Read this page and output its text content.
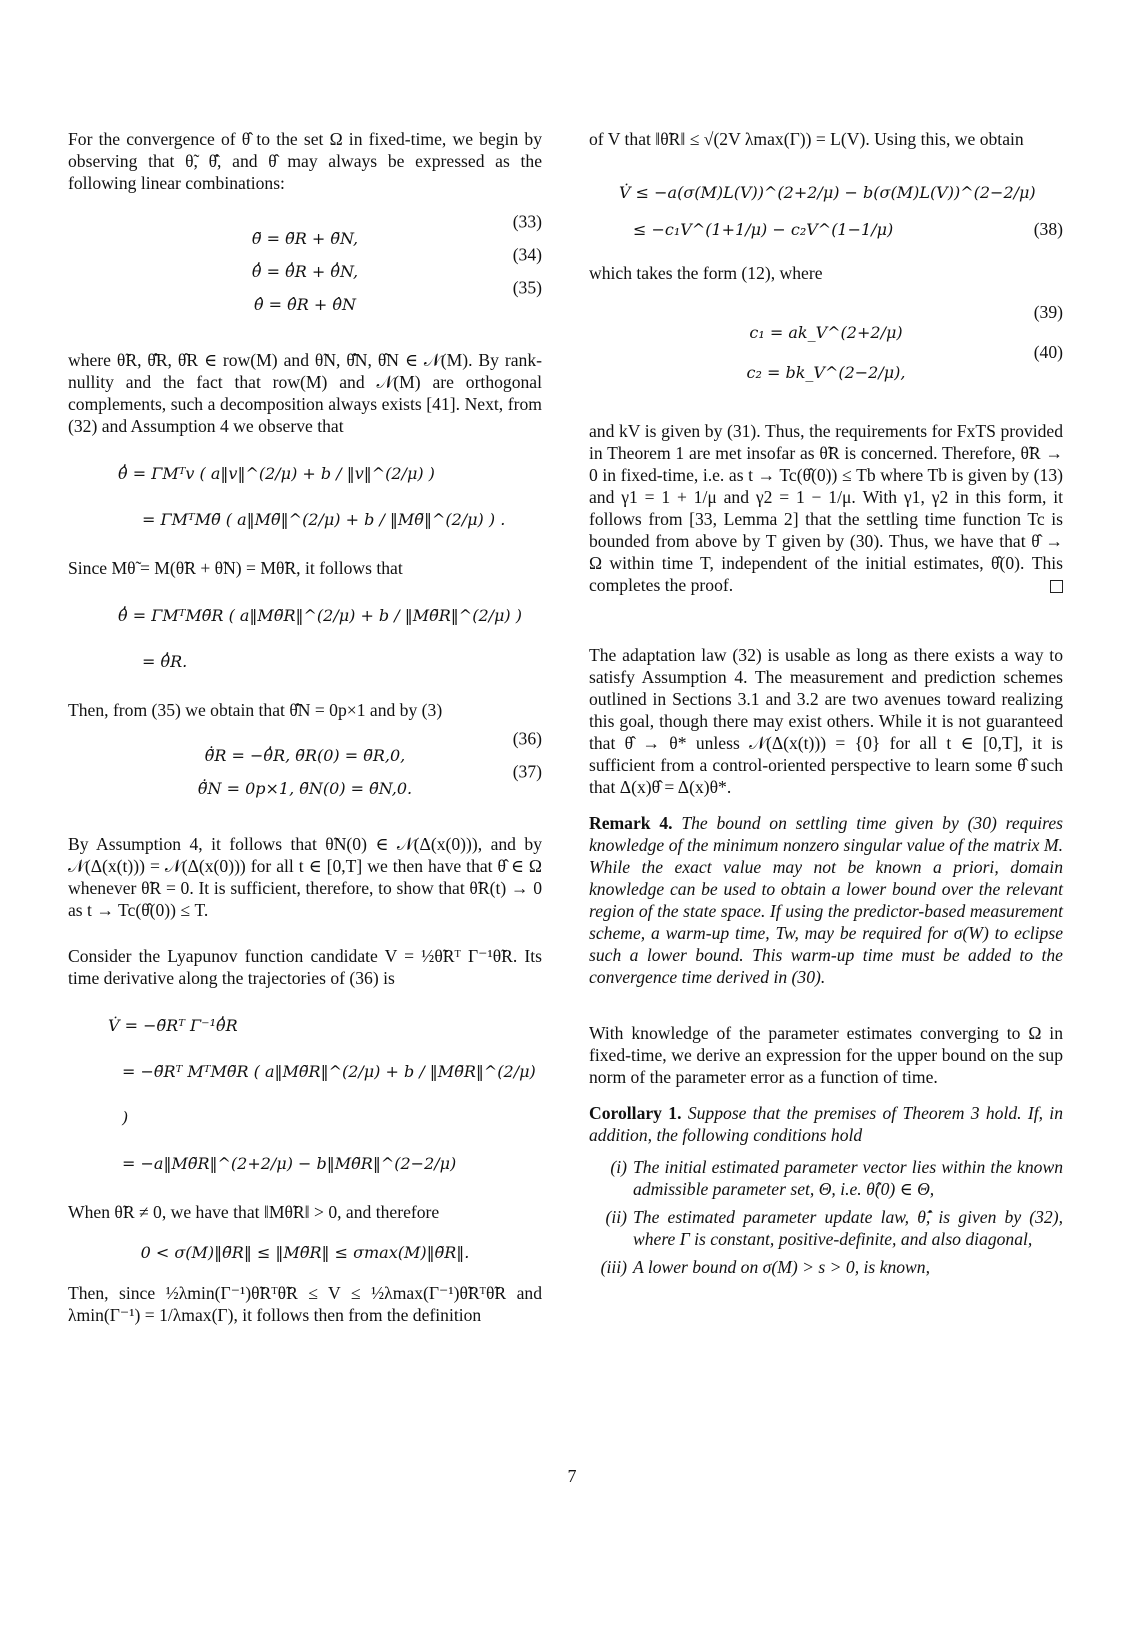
For the convergence of θ̂ to the set Ω in fixed-time, we begin by observing that θ̃, θ̂̇, and θ̂ may always be expressed as the following linear combinations:

θ̃ = θ̃R + θ̃N,
(33)
θ̂̇ = θ̂̇R + θ̂̇N,
(34)
θ̂ = θ̂R + θ̂N
(35)

where θ̃R, θ̂̇R, θ̂R ∈ row(M) and θ̃N, θ̂̇N, θ̂N ∈ 𝒩(M). By rank-nullity and the fact that row(M) and 𝒩(M) are orthogonal complements, such a decomposition always exists [41]. Next, from (32) and Assumption 4 we observe that

θ̂̇ = ΓMᵀv ( a‖v‖^(2/μ) + b / ‖v‖^(2/μ) )
= ΓMᵀMθ̃ ( a‖Mθ̃‖^(2/μ) + b / ‖Mθ̃‖^(2/μ) ) .

Since Mθ̃ = M(θ̃R + θ̃N) = Mθ̃R, it follows that

θ̂̇ = ΓMᵀMθ̃R ( a‖Mθ̃R‖^(2/μ) + b / ‖Mθ̃R‖^(2/μ) )
= θ̂̇R.

Then, from (35) we obtain that θ̂̇N = 0p×1 and by (3)

θ̃̇R = −θ̂̇R, θ̃R(0) = θ̃R,0,
(36)
θ̃̇N = 0p×1, θ̃N(0) = θ̃N,0.
(37)

By Assumption 4, it follows that θ̃N(0) ∈ 𝒩(Δ(x(0))), and by 𝒩(Δ(x(t))) = 𝒩(Δ(x(0))) for all t ∈ [0,T] we then have that θ̂ ∈ Ω whenever θ̃R = 0. It is sufficient, therefore, to show that θ̃R(t) → 0 as t → Tc(θ̂(0)) ≤ T.

Consider the Lyapunov function candidate V = ½θ̃Rᵀ Γ⁻¹θ̃R. Its time derivative along the trajectories of (36) is

V̇ = −θ̃Rᵀ Γ⁻¹θ̂̇R
= −θ̃Rᵀ MᵀMθ̃R ( a‖Mθ̃R‖^(2/μ) + b / ‖Mθ̃R‖^(2/μ) )
= −a‖Mθ̃R‖^(2+2/μ) − b‖Mθ̃R‖^(2−2/μ)

When θ̃R ≠ 0, we have that ‖Mθ̃R‖ > 0, and therefore

0 < σ(M)‖θ̃R‖ ≤ ‖Mθ̃R‖ ≤ σmax(M)‖θ̃R‖.

Then, since ½λmin(Γ⁻¹)θ̃Rᵀθ̃R ≤ V ≤ ½λmax(Γ⁻¹)θ̃Rᵀθ̃R and λmin(Γ⁻¹) = 1/λmax(Γ), it follows then from the definition

of V that ‖θ̃R‖ ≤ √(2V λmax(Γ)) = L(V). Using this, we obtain

V̇ ≤ −a(σ(M)L(V))^(2+2/μ) − b(σ(M)L(V))^(2−2/μ)
≤ −c₁V^(1+1/μ) − c₂V^(1−1/μ)	(38)

which takes the form (12), where

c₁ = ak_V^(2+2/μ)
(39)
c₂ = bk_V^(2−2/μ),
(40)

and kV is given by (31). Thus, the requirements for FxTS provided in Theorem 1 are met insofar as θ̃R is concerned. Therefore, θ̃R → 0 in fixed-time, i.e. as t → Tc(θ̂(0)) ≤ Tb where Tb is given by (13) and γ1 = 1 + 1/μ and γ2 = 1 − 1/μ. With γ1, γ2 in this form, it follows from [33, Lemma 2] that the settling time function Tc is bounded from above by T given by (30). Thus, we have that θ̂ → Ω within time T, independent of the initial estimates, θ̂(0). This completes the proof.

The adaptation law (32) is usable as long as there exists a way to satisfy Assumption 4. The measurement and prediction schemes outlined in Sections 3.1 and 3.2 are two avenues toward realizing this goal, though there may exist others. While it is not guaranteed that θ̂ → θ* unless 𝒩(Δ(x(t))) = {0} for all t ∈ [0,T], it is sufficient from a control-oriented perspective to learn some θ̂ such that Δ(x)θ̂ = Δ(x)θ*.

Remark 4. The bound on settling time given by (30) requires knowledge of the minimum nonzero singular value of the matrix M. While the exact value may not be known a priori, domain knowledge can be used to obtain a lower bound over the relevant region of the state space. If using the predictor-based measurement scheme, a warm-up time, Tw, may be required for σ(W) to eclipse such a lower bound. This warm-up time must be added to the convergence time derived in (30).

With knowledge of the parameter estimates converging to Ω in fixed-time, we derive an expression for the upper bound on the sup norm of the parameter error as a function of time.

Corollary 1. Suppose that the premises of Theorem 3 hold. If, in addition, the following conditions hold

(i) The initial estimated parameter vector lies within the known admissible parameter set, Θ, i.e. θ̂(0) ∈ Θ,
(ii) The estimated parameter update law, θ̂̇, is given by (32), where Γ is constant, positive-definite, and also diagonal,
(iii) A lower bound on σ(M) > s > 0, is known,
7
